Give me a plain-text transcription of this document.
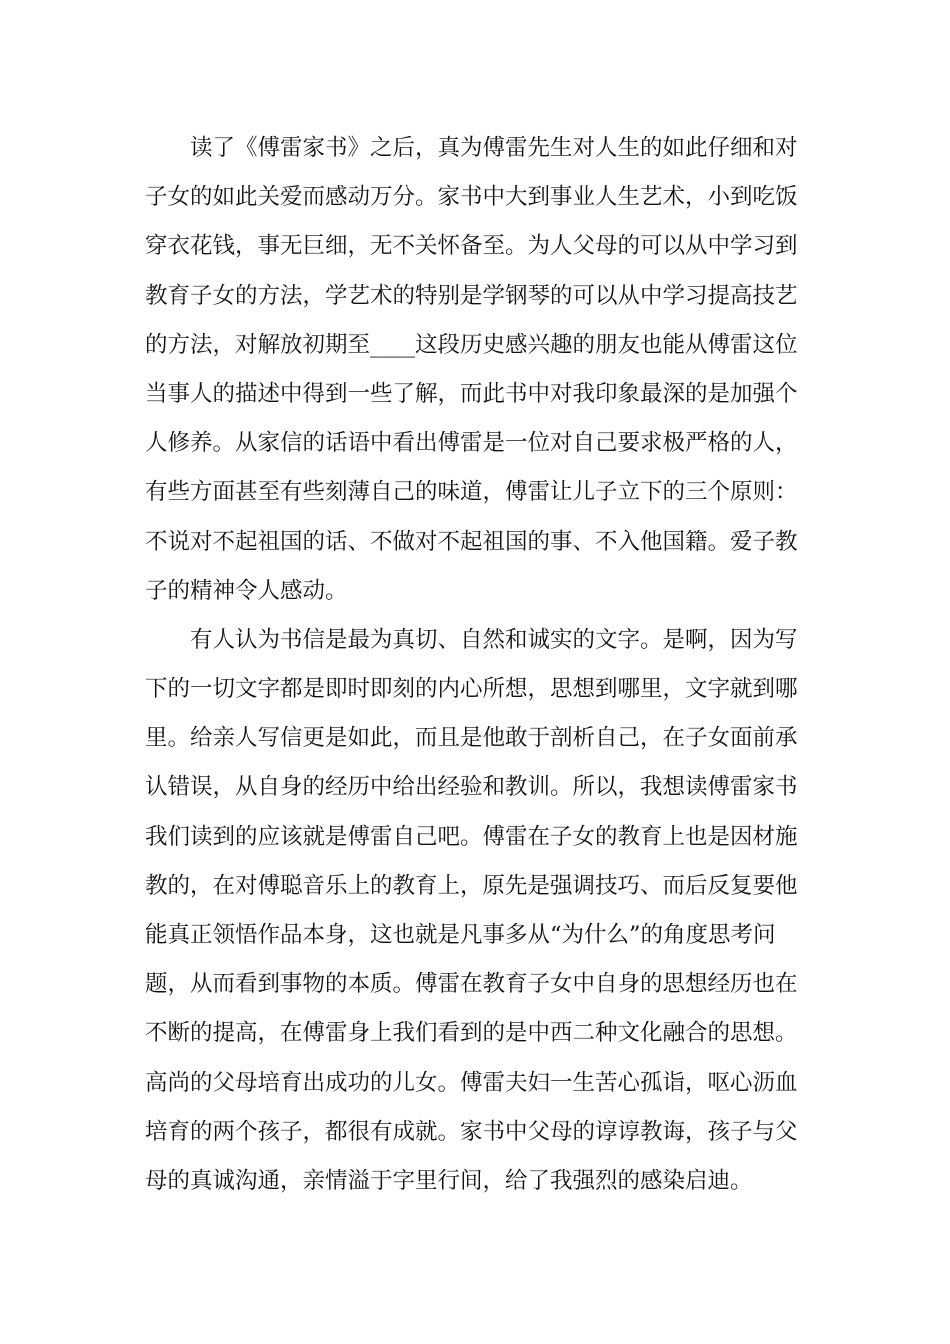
读了《傅雷家书》之后，真为傅雷先生对人生的如此仔细和对
子女的如此关爱而感动万分。家书中大到事业人生艺术，小到吃饭
穿衣花钱，事无巨细，无不关怀备至。为人父母的可以从中学习到
教育子女的方法，学艺术的特别是学钢琴的可以从中学习提高技艺
的方法，对解放初期至____这段历史感兴趣的朋友也能从傅雷这位
当事人的描述中得到一些了解，而此书中对我印象最深的是加强个
人修养。从家信的话语中看出傅雷是一位对自己要求极严格的人，
有些方面甚至有些刻薄自己的味道，傅雷让儿子立下的三个原则：
不说对不起祖国的话、不做对不起祖国的事、不入他国籍。爱子教
子的精神令人感动。
有人认为书信是最为真切、自然和诚实的文字。是啊，因为写
下的一切文字都是即时即刻的内心所想，思想到哪里，文字就到哪
里。给亲人写信更是如此，而且是他敢于剖析自己，在子女面前承
认错误，从自身的经历中给出经验和教训。所以，我想读傅雷家书
我们读到的应该就是傅雷自己吧。傅雷在子女的教育上也是因材施
教的，在对傅聪音乐上的教育上，原先是强调技巧、而后反复要他
能真正领悟作品本身，这也就是凡事多从“为什么”的角度思考问
题，从而看到事物的本质。傅雷在教育子女中自身的思想经历也在
不断的提高，在傅雷身上我们看到的是中西二种文化融合的思想。
高尚的父母培育出成功的儿女。傅雷夫妇一生苦心孤诣，呕心沥血
培育的两个孩子，都很有成就。家书中父母的谆谆教诲，孩子与父
母的真诚沟通，亲情溢于字里行间，给了我强烈的感染启迪。
